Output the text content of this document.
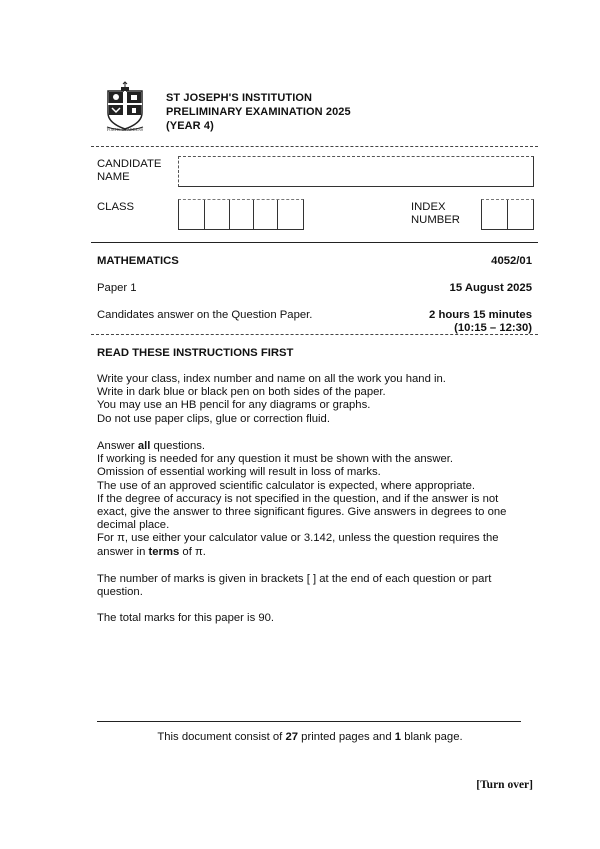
FORTIS ET ARDENS
ST JOSEPH'S INSTITUTION
PRELIMINARY EXAMINATION 2025
(YEAR 4)
CANDIDATE
NAME
CLASS	INDEX
NUMBER
MATHEMATICS	4052/01
Paper 1	15 August 2025
Candidates answer on the Question Paper.	2 hours 15 minutes
(10:15 – 12:30)
READ THESE INSTRUCTIONS FIRST
Write your class, index number and name on all the work you hand in.
Write in dark blue or black pen on both sides of the paper.
You may use an HB pencil for any diagrams or graphs.
Do not use paper clips, glue or correction fluid.
Answer all questions.
If working is needed for any question it must be shown with the answer.
Omission of essential working will result in loss of marks.
The use of an approved scientific calculator is expected, where appropriate.
If the degree of accuracy is not specified in the question, and if the answer is not
exact, give the answer to three significant figures. Give answers in degrees to one
decimal place.
For π, use either your calculator value or 3.142, unless the question requires the
answer in terms of π.
The number of marks is given in brackets [ ] at the end of each question or part
question.
The total marks for this paper is 90.
This document consist of 27 printed pages and 1 blank page.
[Turn over]
